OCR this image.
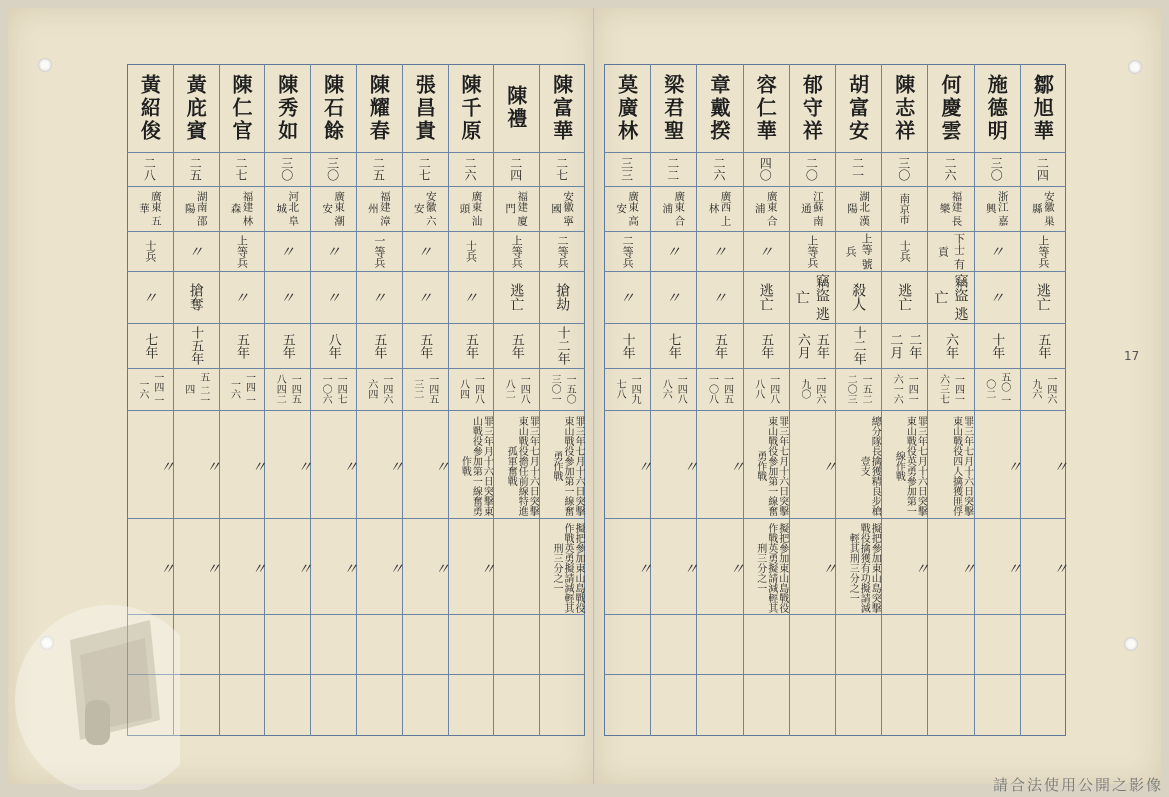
黃紹俊	黃庇賓	陳仁官	陳秀如	陳石餘	陳耀春	張昌貴	陳千原	陳禮	陳富華
二八	二五	二七	三〇	三〇	二五	二七	二六	二四	二七
廣東 五華	湖南 邵陽	福建 林森	河北 阜城	廣東 潮安	福建 漳州	安徽 六安	廣東 汕頭	福建 廈門	安徽 寧國
士兵	〃	上等兵	〃	〃	一等兵	〃	士兵	上等兵	二等兵
〃	搶奪	〃	〃	〃	〃	〃	〃	逃亡	搶劫
七年	十五年	五年	五年	八年	五年	五年	五年	五年	十二年
一四 一一六	五 二一四	一四 一一六	一四五 八四二	一四七 一〇六	一四六 六四	一四五 三二	一四八 八四	一四八 八二	一五〇 三〇一
〃	〃	〃	〃	〃	〃	〃	罪三年月十六日突擊東山戰役參加第一線奮勇作戰	罪三年七月十六日突擊東山戰役擔任前線特進孤軍奮戰	罪三年七月十六日突擊東山戰役參加第一線奮勇作戰
〃	〃	〃	〃	〃	〃	〃	〃	擬把參加東山島戰役作戰英勇擬請減輕其刑三分之一
莫廣林	梁君聖	章戴揆	容仁華	郁守祥	胡富安	陳志祥	何慶雲	施德明	鄒旭華
三三	二二	二六	四〇	二〇	二一	三〇	二六	三〇	二四
廣東 高安	廣東 合浦	廣西 上林	廣東 合浦	江蘇 南通	湖北 漢陽	南京市	福建 長樂	浙江 嘉興	安徽 巢縣
二等兵	〃	〃	〃	上等兵	上等 號兵	士兵	下士 有貢	〃	上等兵
〃	〃	〃	逃亡	竊盜 逃亡	殺人	逃亡	竊盜 逃亡	〃	逃亡
十年	七年	五年	五年	五年 六月	十二年	二年 二月	六年	十年	五年
一四九 七八	一四八 八六	一四五 一〇八	一四八 八八	一四六 九〇	一五二 二〇三	一四一 六一六	一四一 六三七	五〇 一〇二	一四六 九六
〃	〃	〃	罪三年七月十六日突擊東山戰役參加第一線奮勇作戰	〃	總分隊長擒獲精良步槍壹支	罪三年七月十六日突擊東山戰役英勇參加第一線作戰	罪三年七月十六日突擊東山戰役四人擒獲匪俘	〃	〃
〃	〃	〃	擬把參加東山島戰役作戰英勇擬請減輕其刑三分之一	〃	擬把參加東山島突擊戰役擒獲有功擬請減輕其刑三分之一	〃	〃	〃	〃
17
請合法使用公開之影像
